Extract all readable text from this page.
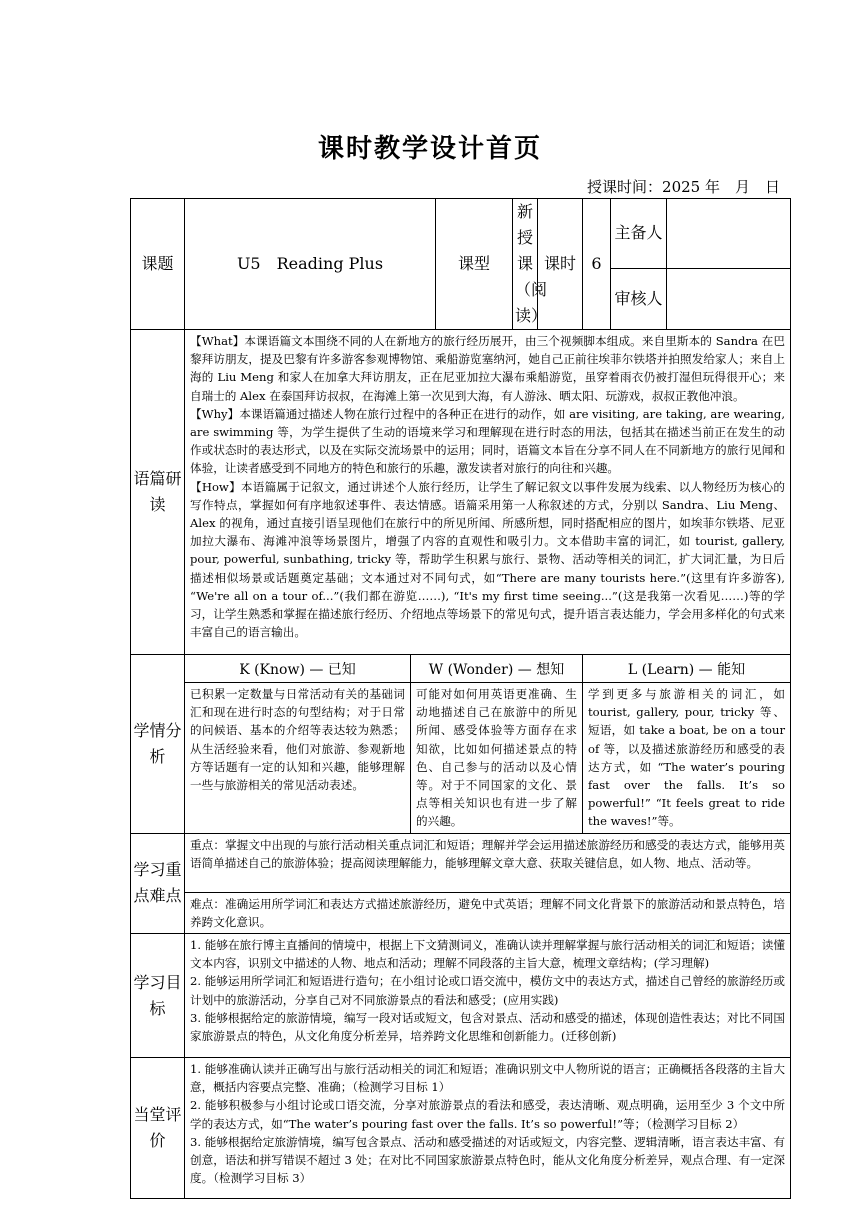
课时教学设计首页
授课时间：2025 年　月　日
课题	U5　Reading Plus		课型	新授课（阅读）	课时	6	主备人	
							审核人	
语篇研读	【What】本课语篇文本围绕不同的人在新地方的旅行经历展开，由三个视频脚本组成。来自里斯本的 Sandra 在巴黎拜访朋友，提及巴黎有许多游客参观博物馆、乘船游览塞纳河，她自己正前往埃菲尔铁塔并拍照发给家人；来自上海的 Liu Meng 和家人在加拿大拜访朋友，正在尼亚加拉大瀑布乘船游览，虽穿着雨衣仍被打湿但玩得很开心；来自瑞士的 Alex 在泰国拜访叔叔，在海滩上第一次见到大海，有人游泳、晒太阳、玩游戏，叔叔正教他冲浪。

【Why】本课语篇通过描述人物在旅行过程中的各种正在进行的动作，如 are visiting, are taking, are wearing, are swimming 等，为学生提供了生动的语境来学习和理解现在进行时态的用法，包括其在描述当前正在发生的动作或状态时的表达形式，以及在实际交流场景中的运用；同时，语篇文本旨在分享不同人在不同新地方的旅行见闻和体验，让读者感受到不同地方的特色和旅行的乐趣，激发读者对旅行的向往和兴趣。

【How】本语篇属于记叙文，通过讲述个人旅行经历，让学生了解记叙文以事件发展为线索、以人物经历为核心的写作特点，掌握如何有序地叙述事件、表达情感。语篇采用第一人称叙述的方式，分别以 Sandra、Liu Meng、Alex 的视角，通过直接引语呈现他们在旅行中的所见所闻、所感所想，同时搭配相应的图片，如埃菲尔铁塔、尼亚加拉大瀑布、海滩冲浪等场景图片，增强了内容的直观性和吸引力。文本借助丰富的词汇，如 tourist, gallery, pour, powerful, sunbathing, tricky 等，帮助学生积累与旅行、景物、活动等相关的词汇，扩大词汇量，为日后描述相似场景或话题奠定基础；文本通过对不同句式，如“There are many tourists here.”(这里有许多游客), “We're all on a tour of...”(我们都在游览……), “It's my first time seeing...”(这是我第一次看见……)等的学习，让学生熟悉和掌握在描述旅行经历、介绍地点等场景下的常见句式，提升语言表达能力，学会用多样化的句式来丰富自己的语言输出。							

学情分析	K (Know) — 已知	W (Wonder) — 想知				L (Learn) — 能知		
	已积累一定数量与日常活动有关的基础词汇和现在进行时态的句型结构；对于日常的问候语、基本的介绍等表达较为熟悉；从生活经验来看，他们对旅游、参观新地方等话题有一定的认知和兴趣，能够理解一些与旅游相关的常见活动表述。	可能对如何用英语更准确、生动地描述自己在旅游中的所见所闻、感受体验等方面存在求知欲，比如如何描述景点的特色、自己参与的活动以及心情等。对于不同国家的文化、景点等相关知识也有进一步了解的兴趣。				学到更多与旅游相关的词汇，如 tourist, gallery, pour, tricky 等、短语，如 take a boat, be on a tour of 等，以及描述旅游经历和感受的表达方式，如 “The water’s pouring fast over the falls. It’s so powerful!” “It feels great to ride the waves!”等。		
学习重点难点	重点：掌握文中出现的与旅行活动相关重点词汇和短语；理解并学会运用描述旅游经历和感受的表达方式，能够用英语简单描述自己的旅游体验；提高阅读理解能力，能够理解文章大意、获取关键信息，如人物、地点、活动等。							
	难点：准确运用所学词汇和表达方式描述旅游经历，避免中式英语；理解不同文化背景下的旅游活动和景点特色，培养跨文化意识。							
学习目标	1. 能够在旅行博主直播间的情境中，根据上下文猜测词义，准确认读并理解掌握与旅行活动相关的词汇和短语；读懂文本内容，识别文中描述的人物、地点和活动；理解不同段落的主旨大意，梳理文章结构；(学习理解)

2. 能够运用所学词汇和短语进行造句；在小组讨论或口语交流中，模仿文中的表达方式，描述自己曾经的旅游经历或计划中的旅游活动，分享自己对不同旅游景点的看法和感受；(应用实践)

3. 能够根据给定的旅游情境，编写一段对话或短文，包含对景点、活动和感受的描述，体现创造性表达；对比不同国家旅游景点的特色，从文化角度分析差异，培养跨文化思维和创新能力。(迁移创新)							

当堂评价	1. 能够准确认读并正确写出与旅行活动相关的词汇和短语；准确识别文中人物所说的语言；正确概括各段落的主旨大意，概括内容要点完整、准确；（检测学习目标 1）

2. 能够积极参与小组讨论或口语交流，分享对旅游景点的看法和感受，表达清晰、观点明确，运用至少 3 个文中所学的表达方式，如“The water’s pouring fast over the falls. It’s so powerful!”等；（检测学习目标 2）

3. 能够根据给定旅游情境，编写包含景点、活动和感受描述的对话或短文，内容完整、逻辑清晰，语言表达丰富、有创意，语法和拼写错误不超过 3 处；在对比不同国家旅游景点特色时，能从文化角度分析差异，观点合理、有一定深度。（检测学习目标 3）							
